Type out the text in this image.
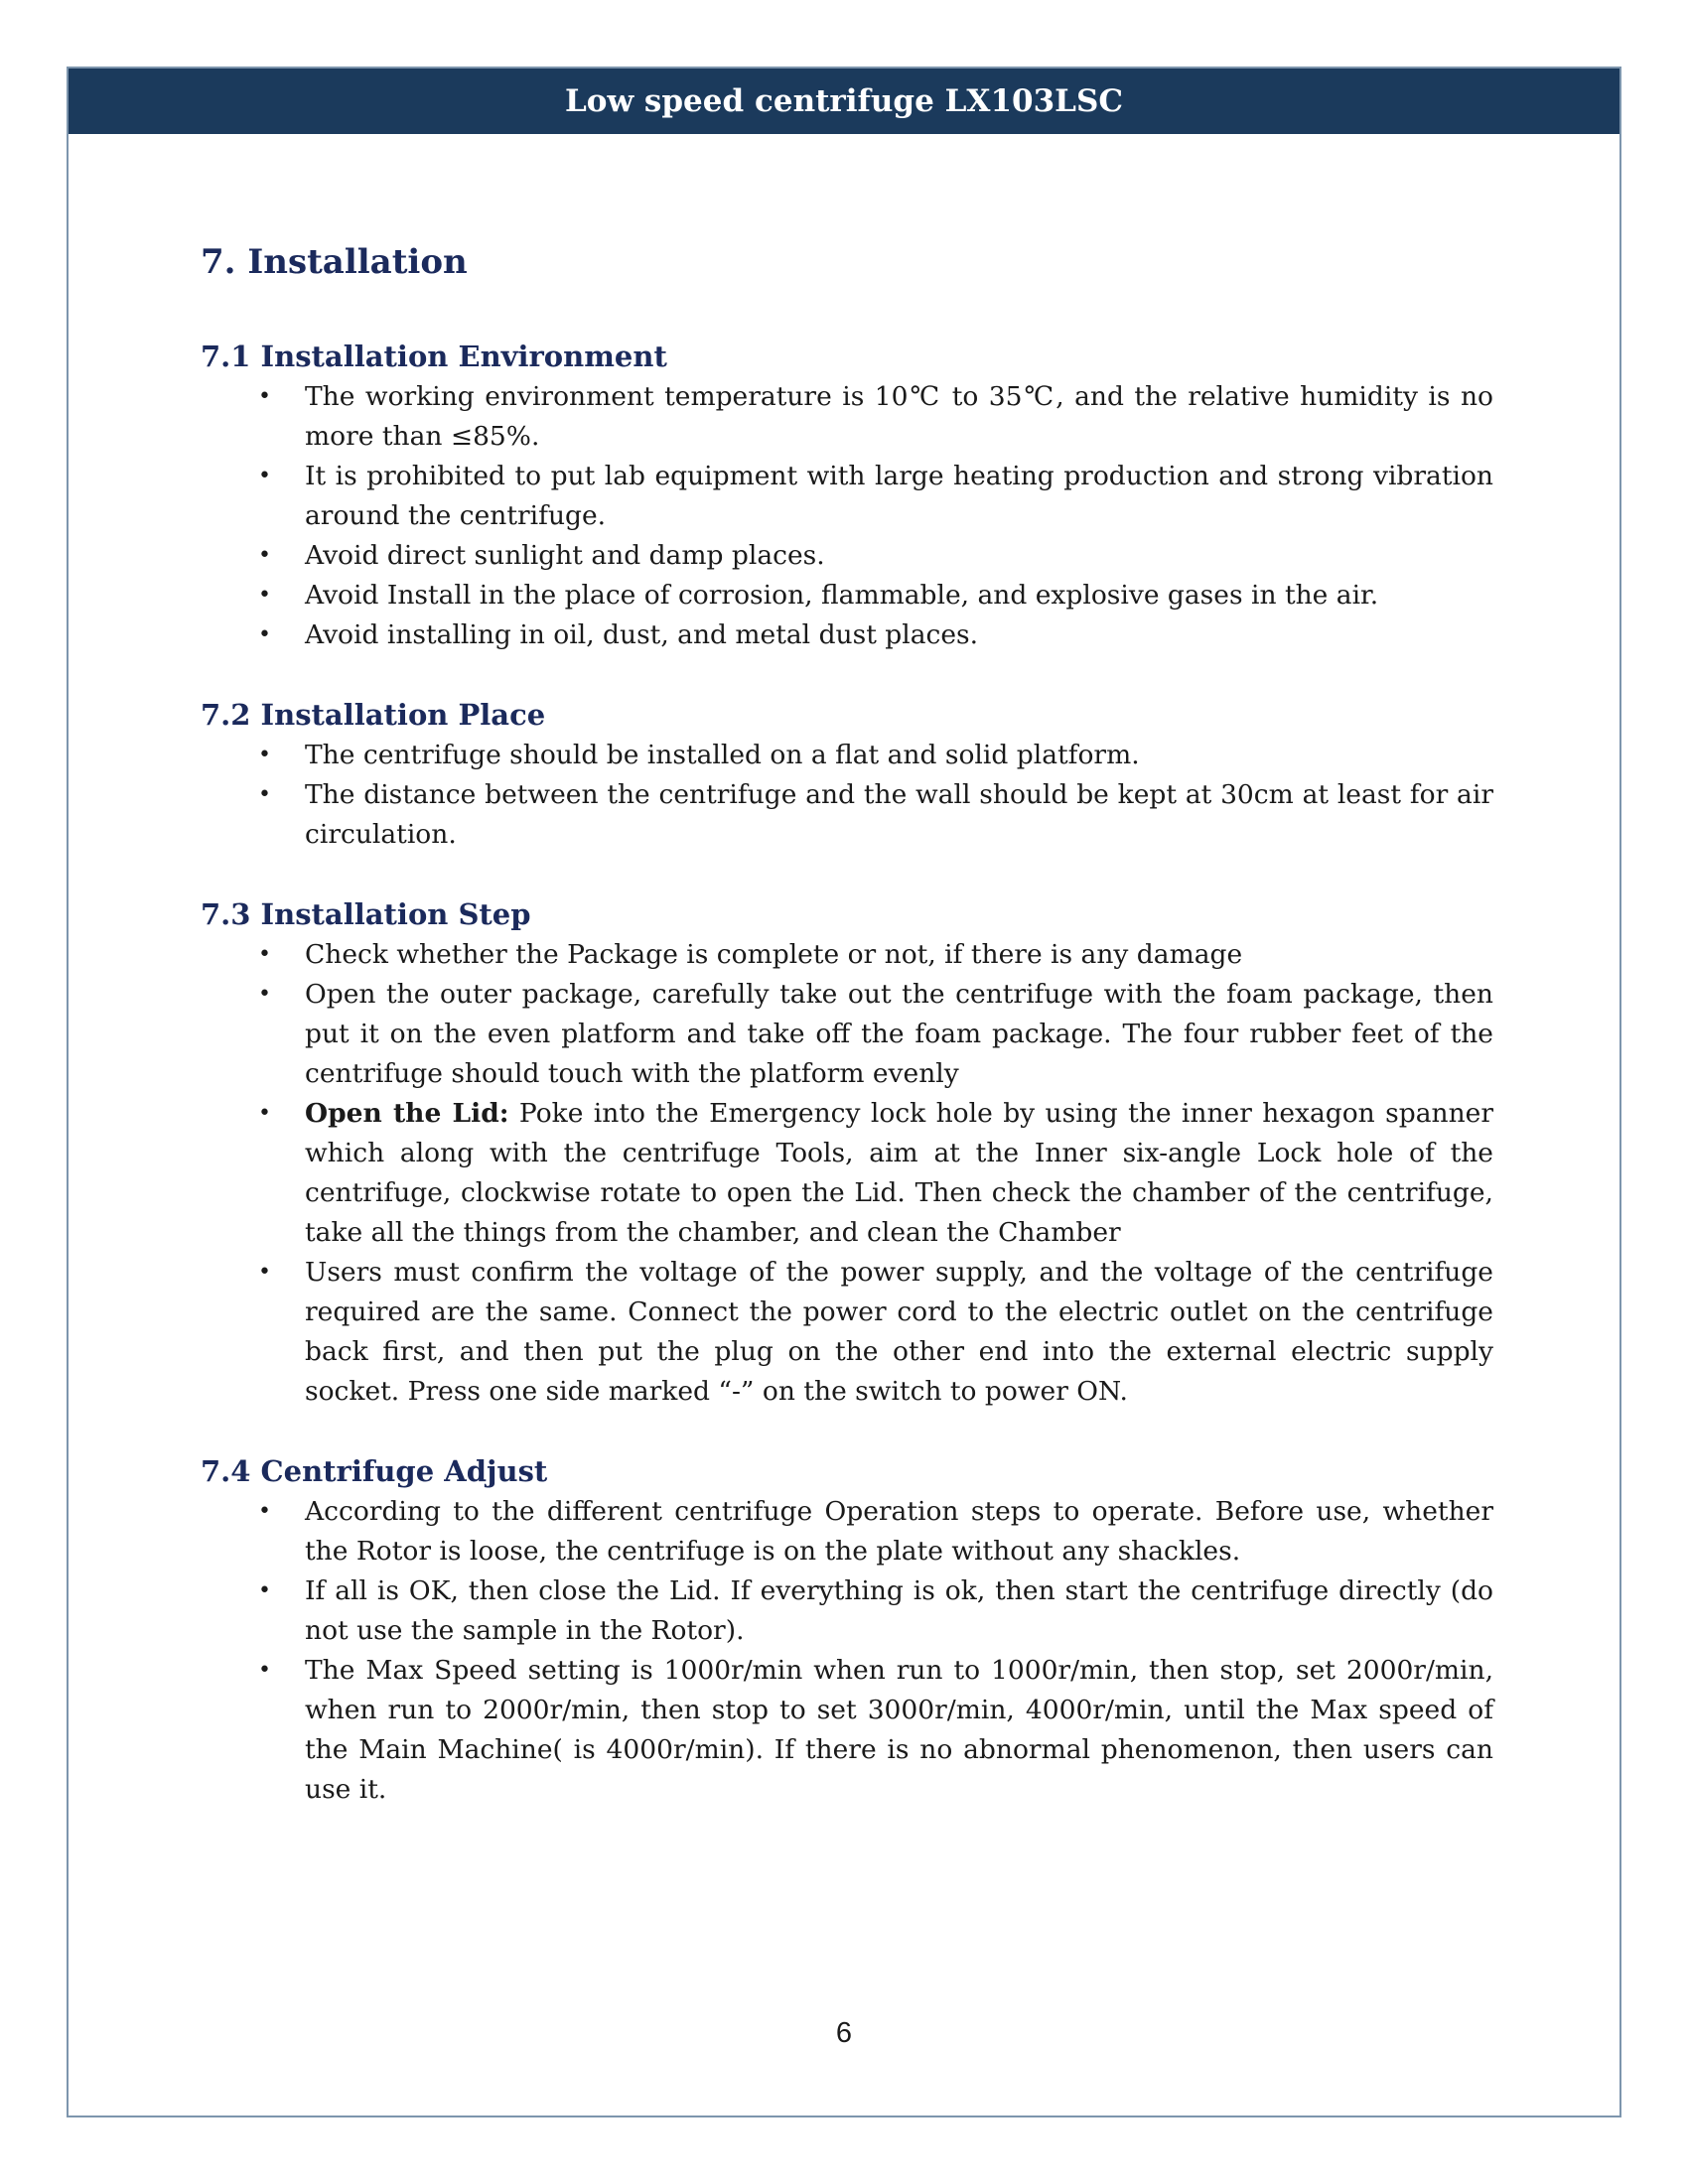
Low speed centrifuge LX103LSC
7. Installation
7.1 Installation Environment
• The working environment temperature is 10℃ to 35℃, and the relative humidity is no more than ≤85%.
• It is prohibited to put lab equipment with large heating production and strong vibration around the centrifuge.
• Avoid direct sunlight and damp places.
• Avoid Install in the place of corrosion, flammable, and explosive gases in the air.
• Avoid installing in oil, dust, and metal dust places.
7.2 Installation Place
• The centrifuge should be installed on a flat and solid platform.
• The distance between the centrifuge and the wall should be kept at 30cm at least for air circulation.
7.3 Installation Step
• Check whether the Package is complete or not, if there is any damage
• Open the outer package, carefully take out the centrifuge with the foam package, then put it on the even platform and take off the foam package. The four rubber feet of the centrifuge should touch with the platform evenly
• Open the Lid: Poke into the Emergency lock hole by using the inner hexagon spanner which along with the centrifuge Tools, aim at the Inner six-angle Lock hole of the centrifuge, clockwise rotate to open the Lid. Then check the chamber of the centrifuge, take all the things from the chamber, and clean the Chamber
• Users must confirm the voltage of the power supply, and the voltage of the centrifuge required are the same. Connect the power cord to the electric outlet on the centrifuge back first, and then put the plug on the other end into the external electric supply socket. Press one side marked “-” on the switch to power ON.
7.4 Centrifuge Adjust
• According to the different centrifuge Operation steps to operate. Before use, whether the Rotor is loose, the centrifuge is on the plate without any shackles.
• If all is OK, then close the Lid. If everything is ok, then start the centrifuge directly (do not use the sample in the Rotor).
• The Max Speed setting is 1000r/min when run to 1000r/min, then stop, set 2000r/min, when run to 2000r/min, then stop to set 3000r/min, 4000r/min, until the Max speed of the Main Machine( is 4000r/min). If there is no abnormal phenomenon, then users can use it.
6
